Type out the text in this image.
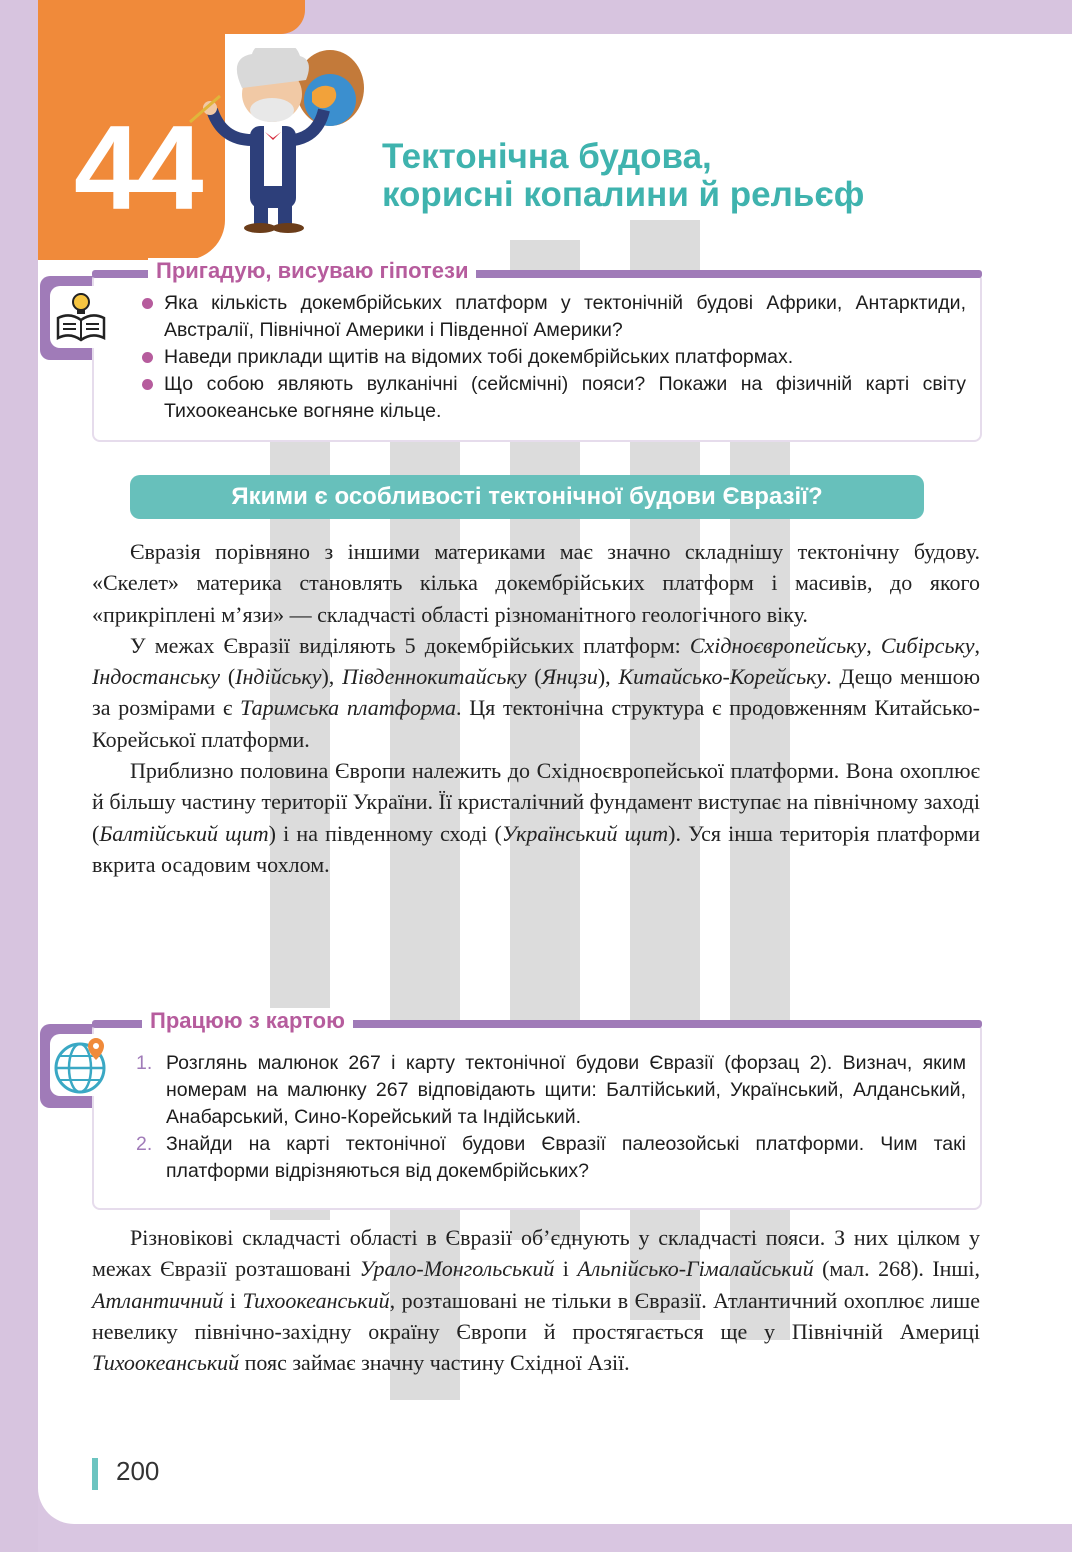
44	Тектонічна будова,
корисні копалини й рельєф
Пригадую, висуваю гіпотези
Яка кількість докембрійських платформ у тектонічній будові Африки, Антарктиди, Австралії, Північної Америки і Південної Америки?
Наведи приклади щитів на відомих тобі докембрійських платформах.
Що собою являють вулканічні (сейсмічні) пояси? Покажи на фізичній карті світу Тихоокеанське вогняне кільце.
Якими є особливості тектонічної будови Євразії?

Євразія порівняно з іншими материками має значно складнішу тектонічну будову. «Скелет» материка становлять кілька докембрійських платформ і масивів, до якого «прикріплені м’язи» — складчасті області різноманітного геологічного віку.

У межах Євразії виділяють 5 докембрійських платформ: Східноєвропейську, Сибірську, Індостанську (Індійську), Південнокитайську (Янцзи), Китайсько-Корейську. Дещо меншою за розмірами є Таримська платформа. Ця тектонічна структура є продовженням Китайсько-Корейської платформи.

Приблизно половина Європи належить до Східноєвропейської платформи. Вона охоплює й більшу частину території України. Її кристалічний фундамент виступає на північному заході (Балтійський щит) і на південному сході (Український щит). Уся інша територія платформи вкрита осадовим чохлом.

Працюю з картою
1. Розглянь малюнок 267 і карту тектонічної будови Євразії (форзац 2). Визнач, яким номерам на малюнку 267 відповідають щити: Балтійський, Український, Алданський, Анабарський, Сино-Корейський та Індійський.
2. Знайди на карті тектонічної будови Євразії палеозойські платформи. Чим такі платформи відрізняються від докембрійських?

Різновікові складчасті області в Євразії об’єднують у складчасті пояси. З них цілком у межах Євразії розташовані Урало-Монгольський і Альпійсько-Гімалайський (мал. 268). Інші, Атлантичний і Тихоокеанський, розташовані не тільки в Євразії. Атлантичний охоплює лише невелику північно-західну окраїну Європи й простягається ще у Північній Америці Тихоокеанський пояс займає значну частину Східної Азії.

200
